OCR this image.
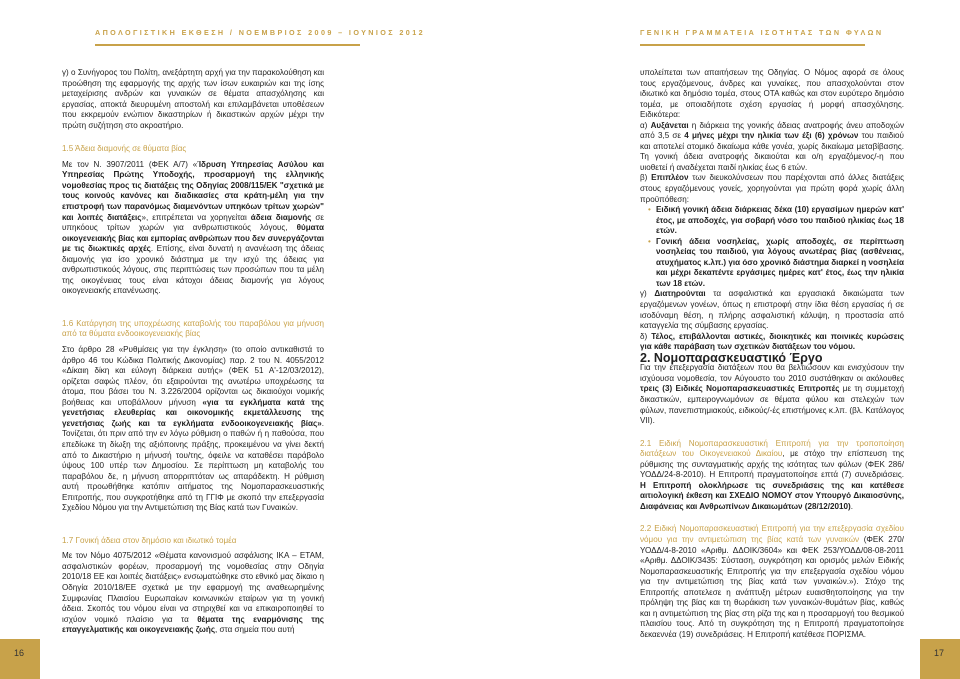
ΑΠΟΛΟΓΙΣΤΙΚΗ ΕΚΘΕΣΗ / ΝΟΕΜΒΡΙΟΣ 2009 – ΙΟΥΝΙΟΣ 2012	ΓΕΝΙΚΗ ΓΡΑΜΜΑΤΕΙΑ ΙΣΟΤΗΤΑΣ ΤΩΝ ΦΥΛΩΝ

γ) ο Συνήγορος του Πολίτη, ανεξάρτητη αρχή για την παρακολούθηση και προώθηση της εφαρμογής της αρχής των ίσων ευκαιριών και της ίσης μεταχείρισης ανδρών και γυναικών σε θέματα απασχόλησης και εργασίας, αποκτά διευρυμένη αποστολή και επιλαμβάνεται υποθέσεων που εκκρεμούν ενώπιον δικαστηρίων ή δικαστικών αρχών μέχρι την πρώτη συζήτηση στο ακροατήριο.

1.5 Άδεια διαμονής σε θύματα βίας

Με τον Ν. 3907/2011 (ΦΕΚ Α/7) «Ίδρυση Υπηρεσίας Ασύλου και Υπηρεσίας Πρώτης Υποδοχής, προσαρμογή της ελληνικής νομοθεσίας προς τις διατάξεις της Οδηγίας 2008/115/ΕΚ "σχετικά με τους κοινούς κανόνες και διαδικασίες στα κράτη-μέλη για την επιστροφή των παρανόμως διαμενόντων υπηκόων τρίτων χωρών" και λοιπές διατάξεις», επιτρέπεται να χορηγείται άδεια διαμονής σε υπηκόους τρίτων χωρών για ανθρωπιστικούς λόγους, θύματα οικογενειακής βίας και εμπορίας ανθρώπων που δεν συνεργάζονται με τις διωκτικές αρχές. Επίσης, είναι δυνατή η ανανέωση της άδειας διαμονής για ίσο χρονικό διάστημα με την ισχύ της άδειας για ανθρωπιστικούς λόγους, στις περιπτώσεις των προσώπων που τα μέλη της οικογένειας τους είναι κάτοχοι άδειας διαμονής για λόγους οικογενειακής επανένωσης.

1.6 Κατάργηση της υποχρέωσης καταβολής του παραβόλου για μήνυση από τα θύματα ενδοοικογενειακής βίας

Στο άρθρο 28 «Ρυθμίσεις για την έγκληση» (το οποίο αντικαθιστά το άρθρο 46 του Κώδικα Πολιτικής Δικονομίας) παρ. 2 του Ν. 4055/2012 «Δίκαιη δίκη και εύλογη διάρκεια αυτής» (ΦΕΚ 51 Α'-12/03/2012), ορίζεται σαφώς πλέον, ότι εξαιρούνται της ανωτέρω υποχρέωσης τα άτομα, που βάσει του Ν. 3.226/2004 ορίζονται ως δικαιούχοι νομικής βοήθειας και υποβάλλουν μήνυση «για τα εγκλήματα κατά της γενετήσιας ελευθερίας και οικονομικής εκμετάλλευσης της γενετήσιας ζωής και τα εγκλήματα ενδοοικογενειακής βίας». Τονίζεται, ότι πριν από την εν λόγω ρύθμιση ο παθών ή η παθούσα, που επεδίωκε τη δίωξη της αξιόποινης πράξης, προκειμένου να γίνει δεκτή από το Δικαστήριο η μήνυσή του/της, όφειλε να καταθέσει παράβολο ύψους 100 υπέρ των Δημοσίου. Σε περίπτωση μη καταβολής του παραβόλου δε, η μήνυση απορριπτόταν ως απαράδεκτη. Η ρύθμιση αυτή προωθήθηκε κατόπιν αιτήματος της Νομοπαρασκευαστικής Επιτροπής, που συγκροτήθηκε από τη ΓΓΙΦ με σκοπό την επεξεργασία Σχεδίου Νόμου για την Αντιμετώπιση της Βίας κατά των Γυναικών.

1.7 Γονική άδεια στον δημόσιο και ιδιωτικό τομέα

Με τον Νόμο 4075/2012 «Θέματα κανονισμού ασφάλισης ΙΚΑ – ΕΤΑΜ, ασφαλιστικών φορέων, προσαρμογή της νομοθεσίας στην Οδηγία 2010/18 ΕΕ και λοιπές διατάξεις» ενσωματώθηκε στο εθνικό μας δίκαιο η Οδηγία 2010/18/ΕΕ σχετικά με την εφαρμογή της αναθεωρημένης Συμφωνίας Πλαισίου Ευρωπαίων κοινωνικών εταίρων για τη γονική άδεια. Σκοπός του νόμου είναι να στηριχθεί και να επικαιροποιηθεί το ισχύον νομικό πλαίσιο για τα θέματα της εναρμόνισης της επαγγελματικής και οικογενειακής ζωής, στα σημεία που αυτή

υπολείπεται των απαιτήσεων της Οδηγίας. Ο Νόμος αφορά σε όλους τους εργαζόμενους, άνδρες και γυναίκες, που απασχολούνται στον ιδιωτικό και δημόσιο τομέα, στους ΟΤΑ καθώς και στον ευρύτερο δημόσιο τομέα, με οποιαδήποτε σχέση εργασίας ή μορφή απασχόλησης. Ειδικότερα:

α) Αυξάνεται η διάρκεια της γονικής άδειας ανατροφής άνευ αποδοχών από 3,5 σε 4 μήνες μέχρι την ηλικία των έξι (6) χρόνων του παιδιού και αποτελεί ατομικό δικαίωμα κάθε γονέα, χωρίς δικαίωμα μεταβίβασης. Τη γονική άδεια ανατροφής δικαιούται και ο/η εργαζόμενος/-η που υιοθετεί ή αναδέχεται παιδί ηλικίας έως 6 ετών.

β) Επιπλέον των διευκολύνσεων που παρέχονται από άλλες διατάξεις στους εργαζόμενους γονείς, χορηγούνται για πρώτη φορά χωρίς άλλη προϋπόθεση:

• Ειδική γονική άδεια διάρκειας δέκα (10) εργασίμων ημερών κατ' έτος, με αποδοχές, για σοβαρή νόσο του παιδιού ηλικίας έως 18 ετών.
• Γονική άδεια νοσηλείας, χωρίς αποδοχές, σε περίπτωση νοσηλείας του παιδιού, για λόγους ανωτέρας βίας (ασθένειας, ατυχήματος κ.λπ.) για όσο χρονικό διάστημα διαρκεί η νοσηλεία και μέχρι δεκαπέντε εργάσιμες ημέρες κατ' έτος, έως την ηλικία των 18 ετών.

γ) Διατηρούνται τα ασφαλιστικά και εργασιακά δικαιώματα των εργαζόμενων γονέων, όπως η επιστροφή στην ίδια θέση εργασίας ή σε ισοδύναμη θέση, η πλήρης ασφαλιστική κάλυψη, η προστασία από καταγγελία της σύμβασης εργασίας.

δ) Τέλος, επιβάλλονται αστικές, διοικητικές και ποινικές κυρώσεις για κάθε παράβαση των σχετικών διατάξεων του νόμου.

2. Νομοπαρασκευαστικό Έργο

Για την επεξεργασία διατάξεων που θα βελτιώσουν και ενισχύσουν την ισχύουσα νομοθεσία, τον Αύγουστο του 2010 συστάθηκαν οι ακόλουθες τρεις (3) Ειδικές Νομοπαρασκευαστικές Επιτροπές με τη συμμετοχή δικαστικών, εμπειρογνωμόνων σε θέματα φύλου και στελεχών των φύλων, πανεπιστημιακούς, ειδικούς/-ές επιστήμονες κ.λπ. (βλ. Κατάλογος VII).

2.1 Ειδική Νομοπαρασκευαστική Επιτροπή για την τροποποίηση διατάξεων του Οικογενειακού Δικαίου, με στόχο την επίσπευση της ρύθμισης της συνταγματικής αρχής της ισότητας των φύλων (ΦΕΚ 286/ΥΟΔΔ/24-8-2010). Η Επιτροπή πραγματοποίησε επτά (7) συνεδριάσεις. Η Επιτροπή ολοκλήρωσε τις συνεδριάσεις της και κατέθεσε αιτιολογική έκθεση και ΣΧΕΔΙΟ ΝΟΜΟΥ στον Υπουργό Δικαιοσύνης, Διαφάνειας και Ανθρωπίνων Δικαιωμάτων (28/12/2010).

2.2 Ειδική Νομοπαρασκευαστική Επιτροπή για την επεξεργασία σχεδίου νόμου για την αντιμετώπιση της βίας κατά των γυναικών (ΦΕΚ 270/ΥΟΔΔ/4-8-2010 «Αριθμ. ΔΔΟΙΚ/3604» και ΦΕΚ 253/ΥΟΔΔ/08-08-2011 «Αριθμ. ΔΔΟΙΚ/3435: Σύσταση, συγκρότηση και ορισμός μελών Ειδικής Νομοπαρασκευαστικής Επιτροπής για την επεξεργασία σχεδίου νόμου για την αντιμετώπιση της βίας κατά των γυναικών.»). Στόχο της Επιτροπής αποτελεσε η ανάπτυξη μέτρων ευαισθητοποίησης για την πρόληψη της βίας και τη θωράκιση των γυναικών-θυμάτων βίας, καθώς και η αντιμετώπιση της βίας στη ρίζα της και η προσαρμογή του θεσμικού πλαισίου τους. Από τη συγκρότηση της η Επιτροπή πραγματοποίησε δεκαεννέα (19) συνεδριάσεις. Η Επιτροπή κατέθεσε ΠΟΡΙΣΜΑ.

16	17
